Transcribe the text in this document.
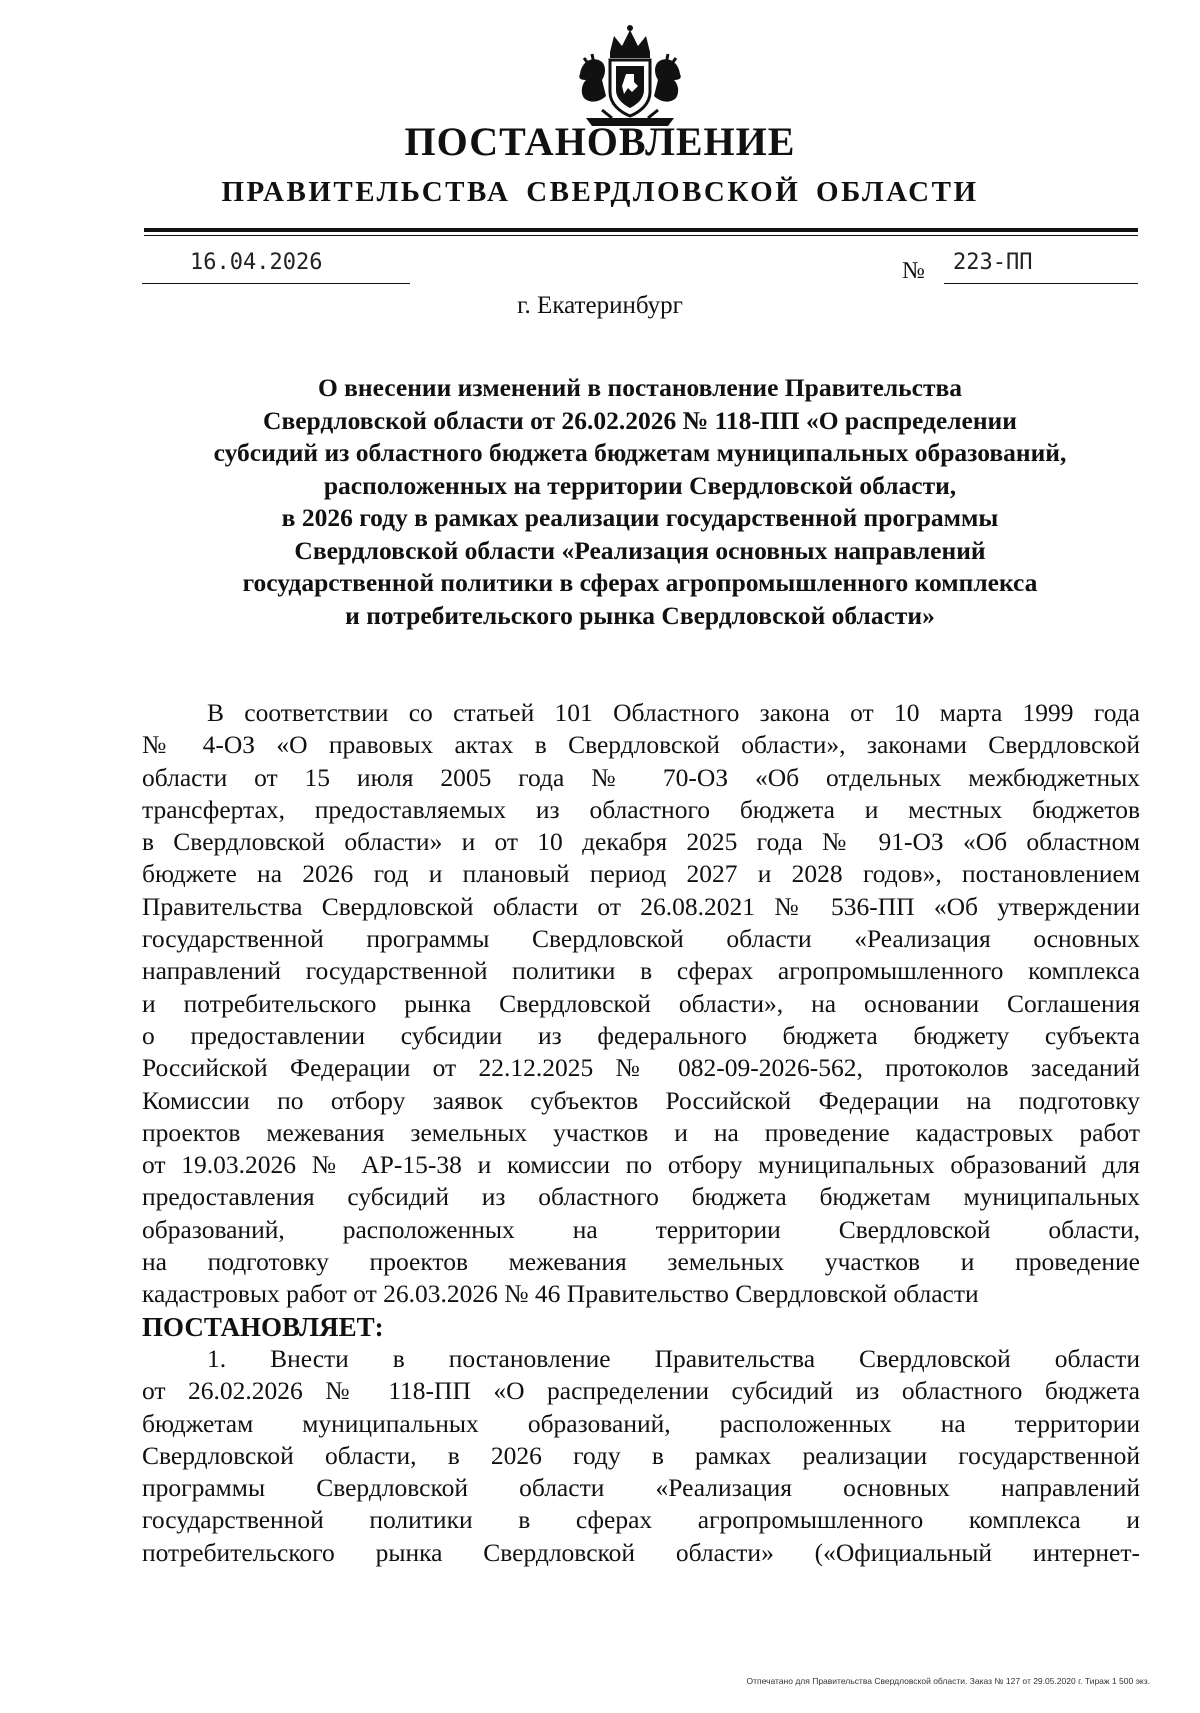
ПОСТАНОВЛЕНИЕ
ПРАВИТЕЛЬСТВА СВЕРДЛОВСКОЙ ОБЛАСТИ
16.04.2026	№ 223-ПП
г. Екатеринбург
О внесении изменений в постановление Правительства
Свердловской области от 26.02.2026 № 118-ПП «О распределении
субсидий из областного бюджета бюджетам муниципальных образований,
расположенных на территории Свердловской области,
в 2026 году в рамках реализации государственной программы
Свердловской области «Реализация основных направлений
государственной политики в сферах агропромышленного комплекса
и потребительского рынка Свердловской области»
В соответствии со статьей 101 Областного закона от 10 марта 1999 года
№ 4-ОЗ «О правовых актах в Свердловской области», законами Свердловской
области от 15 июля 2005 года № 70-ОЗ «Об отдельных межбюджетных
трансфертах, предоставляемых из областного бюджета и местных бюджетов
в Свердловской области» и от 10 декабря 2025 года № 91-ОЗ «Об областном
бюджете на 2026 год и плановый период 2027 и 2028 годов», постановлением
Правительства Свердловской области от 26.08.2021 № 536-ПП «Об утверждении
государственной программы Свердловской области «Реализация основных
направлений государственной политики в сферах агропромышленного комплекса
и потребительского рынка Свердловской области», на основании Соглашения
о предоставлении субсидии из федерального бюджета бюджету субъекта
Российской Федерации от 22.12.2025 № 082-09-2026-562, протоколов заседаний
Комиссии по отбору заявок субъектов Российской Федерации на подготовку
проектов межевания земельных участков и на проведение кадастровых работ
от 19.03.2026 № АР-15-38 и комиссии по отбору муниципальных образований для
предоставления субсидий из областного бюджета бюджетам муниципальных
образований, расположенных на территории Свердловской области,
на подготовку проектов межевания земельных участков и проведение
кадастровых работ от 26.03.2026 № 46 Правительство Свердловской области
ПОСТАНОВЛЯЕТ:
1. Внести в постановление Правительства Свердловской области
от 26.02.2026 № 118-ПП «О распределении субсидий из областного бюджета
бюджетам муниципальных образований, расположенных на территории
Свердловской области, в 2026 году в рамках реализации государственной
программы Свердловской области «Реализация основных направлений
государственной политики в сферах агропромышленного комплекса и
потребительского рынка Свердловской области» («Официальный интернет-
Отпечатано для Правительства Свердловской области. Заказ № 127 от 29.05.2020 г. Тираж 1 500 экз.
